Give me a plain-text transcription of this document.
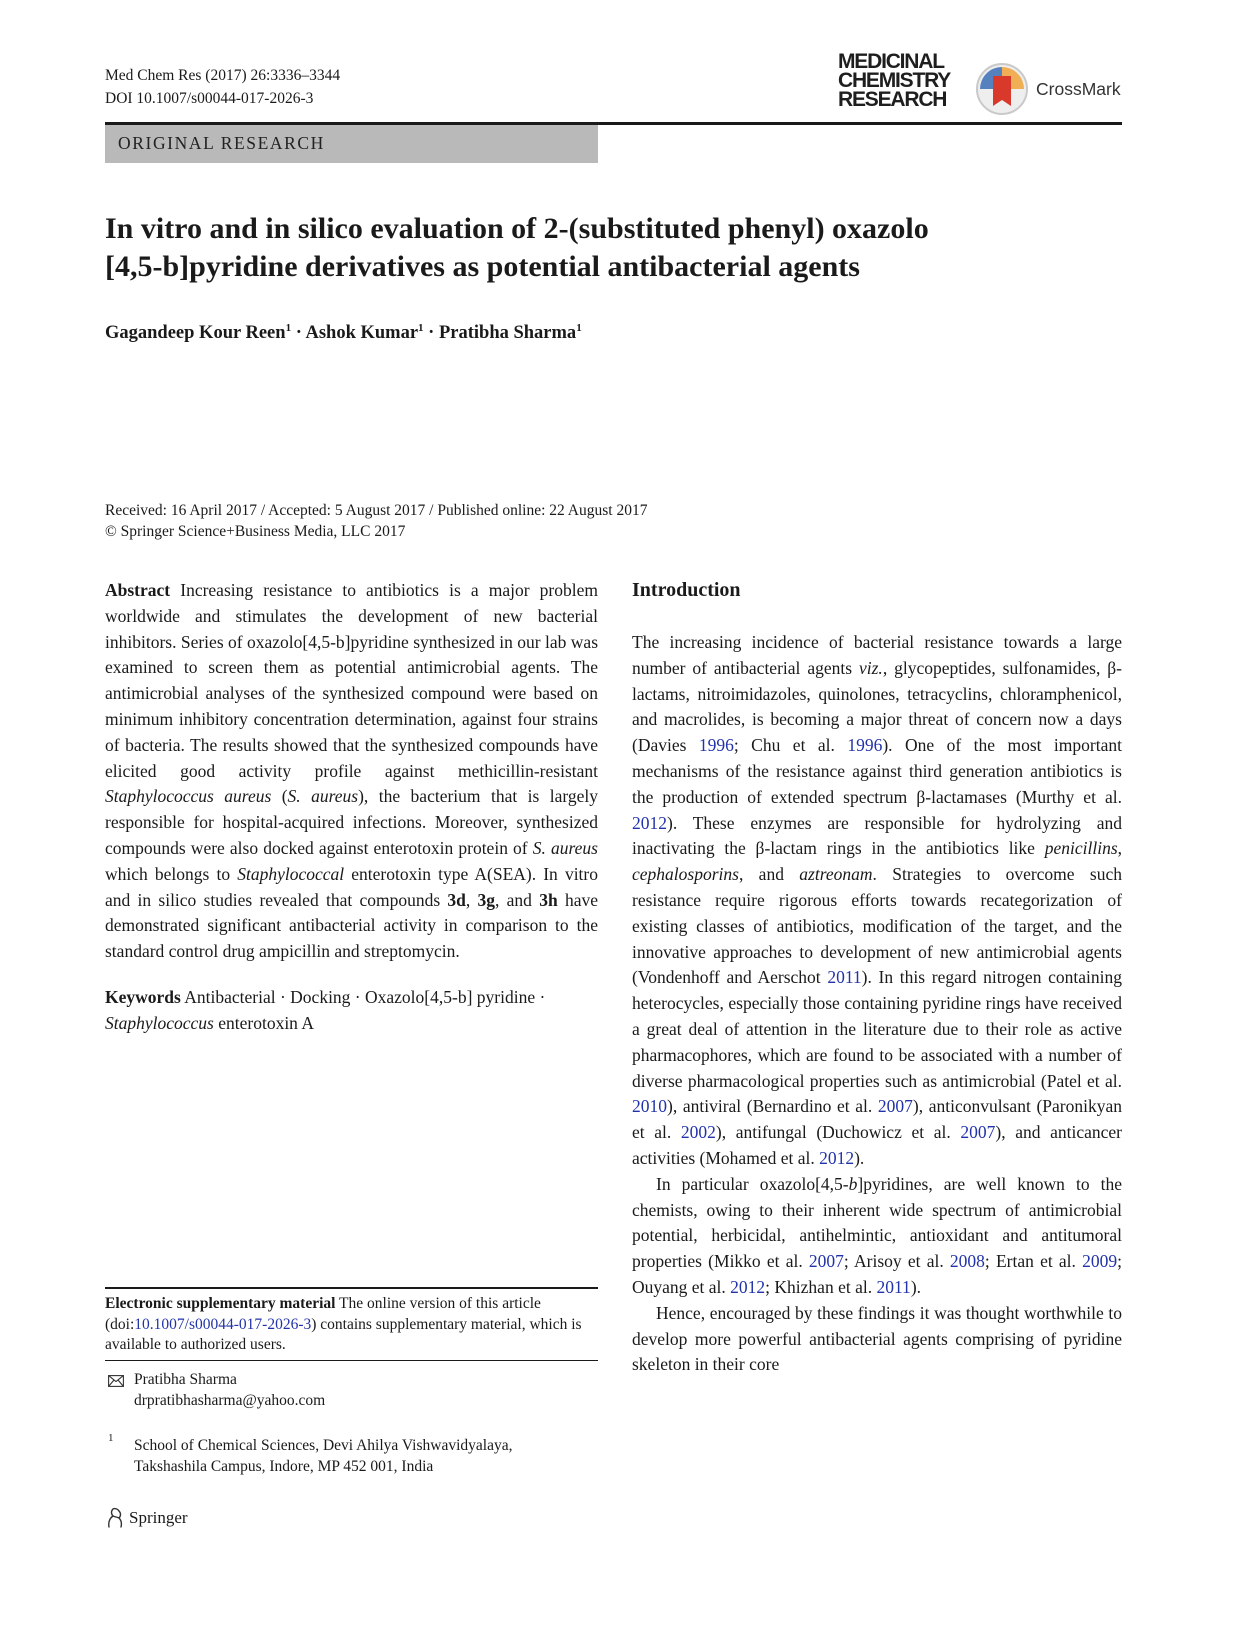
Med Chem Res (2017) 26:3336–3344
DOI 10.1007/s00044-017-2026-3
MEDICINAL
CHEMISTRY
RESEARCH	CrossMark
ORIGINAL RESEARCH
In vitro and in silico evaluation of 2-(substituted phenyl) oxazolo
[4,5-b]pyridine derivatives as potential antibacterial agents
Gagandeep Kour Reen$^1$ · Ashok Kumar$^1$ · Pratibha Sharma$^1$
Received: 16 April 2017 / Accepted: 5 August 2017 / Published online: 22 August 2017
© Springer Science+Business Media, LLC 2017

Abstract Increasing resistance to antibiotics is a major problem worldwide and stimulates the development of new bacterial inhibitors. Series of oxazolo[4,5-b]pyridine synthesized in our lab was examined to screen them as potential antimicrobial agents. The antimicrobial analyses of the synthesized compound were based on minimum inhibitory concentration determination, against four strains of bacteria. The results showed that the synthesized compounds have elicited good activity profile against methicillin-resistant Staphylococcus aureus (S. aureus), the bacterium that is largely responsible for hospital-acquired infections. Moreover, synthesized compounds were also docked against enterotoxin protein of S. aureus which belongs to Staphylococcal enterotoxin type A(SEA). In vitro and in silico studies revealed that compounds 3d, 3g, and 3h have demonstrated significant antibacterial activity in comparison to the standard control drug ampicillin and streptomycin.

Keywords Antibacterial · Docking · Oxazolo[4,5-b] pyridine · Staphylococcus enterotoxin A

Electronic supplementary material The online version of this article (doi:10.1007/s00044-017-2026-3) contains supplementary material, which is available to authorized users.
Pratibha Sharma
drpratibhasharma@yahoo.com
1 School of Chemical Sciences, Devi Ahilya Vishwavidyalaya,
Takshashila Campus, Indore, MP 452 001, India

Introduction

The increasing incidence of bacterial resistance towards a large number of antibacterial agents viz., glycopeptides, sulfonamides, β-lactams, nitroimidazoles, quinolones, tetracyclins, chloramphenicol, and macrolides, is becoming a major threat of concern now a days (Davies 1996; Chu et al. 1996). One of the most important mechanisms of the resistance against third generation antibiotics is the production of extended spectrum β-lactamases (Murthy et al. 2012). These enzymes are responsible for hydrolyzing and inactivating the β-lactam rings in the antibiotics like penicillins, cephalosporins, and aztreonam. Strategies to overcome such resistance require rigorous efforts towards recategorization of existing classes of antibiotics, modification of the target, and the innovative approaches to development of new antimicrobial agents (Vondenhoff and Aerschot 2011). In this regard nitrogen containing heterocycles, especially those containing pyridine rings have received a great deal of attention in the literature due to their role as active pharmacophores, which are found to be associated with a number of diverse pharmacological properties such as antimicrobial (Patel et al. 2010), antiviral (Bernardino et al. 2007), anticonvulsant (Paronikyan et al. 2002), antifungal (Duchowicz et al. 2007), and anticancer activities (Mohamed et al. 2012).

In particular oxazolo[4,5-b]pyridines, are well known to the chemists, owing to their inherent wide spectrum of antimicrobial potential, herbicidal, antihelmintic, antioxidant and antitumoral properties (Mikko et al. 2007; Arisoy et al. 2008; Ertan et al. 2009; Ouyang et al. 2012; Khizhan et al. 2011).

Hence, encouraged by these findings it was thought worthwhile to develop more powerful antibacterial agents comprising of pyridine skeleton in their core

Springer
